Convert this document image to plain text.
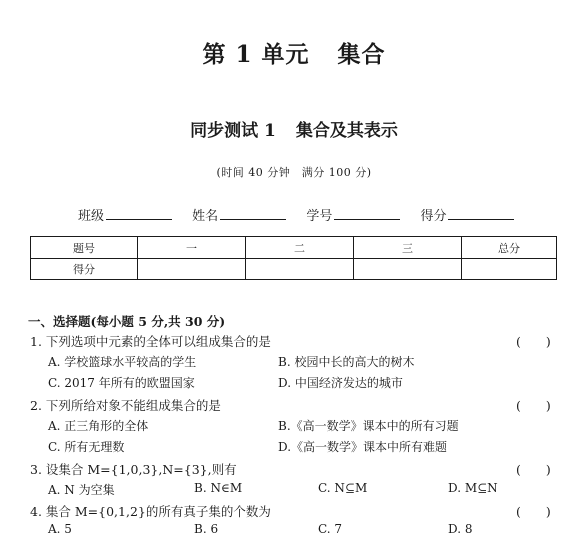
第 1 单元 集合
同步测试 1 集合及其表示
(时间 40 分钟　满分 100 分)
班级	姓名	学号	得分
题号	一	二	三	总分
得分				
一、选择题(每小题 5 分,共 30 分)
1. 下列选项中元素的全体可以组成集合的是	(　　)
A. 学校篮球水平较高的学生	B. 校园中长的高大的树木
C. 2017 年所有的欧盟国家	D. 中国经济发达的城市
2. 下列所给对象不能组成集合的是	(　　)
A. 正三角形的全体	B.《高一数学》课本中的所有习题
C. 所有无理数	D.《高一数学》课本中所有难题
3. 设集合 M={1,0,3},N={3},则有	(　　)
A. N 为空集	B. N∈M	C. N⊆M	D. M⊆N
4. 集合 M={0,1,2}的所有真子集的个数为	(　　)
A. 5	B. 6	C. 7	D. 8
